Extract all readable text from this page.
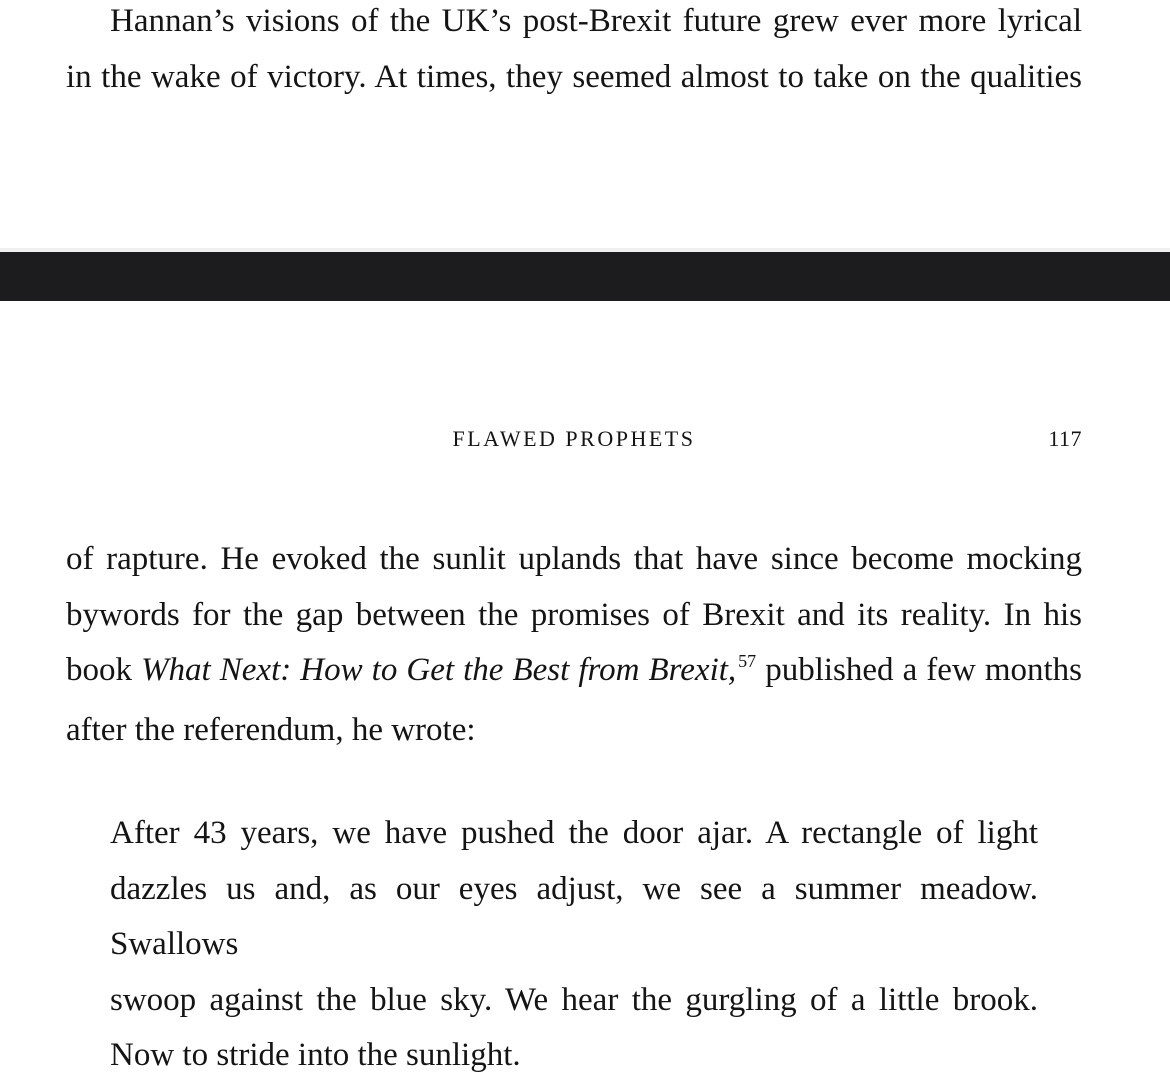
Hannan’s visions of the UK’s post-Brexit future grew ever more lyrical
in the wake of victory. At times, they seemed almost to take on the qualities

FLAWED PROPHETS	117

of rapture. He evoked the sunlit uplands that have since become mocking
bywords for the gap between the promises of Brexit and its reality. In his
book What Next: How to Get the Best from Brexit, $^{57}$ published a few months
after the referendum, he wrote:

After 43 years, we have pushed the door ajar. A rectangle of light
dazzles us and, as our eyes adjust, we see a summer meadow. Swallows
swoop against the blue sky. We hear the gurgling of a little brook.
Now to stride into the sunlight.
